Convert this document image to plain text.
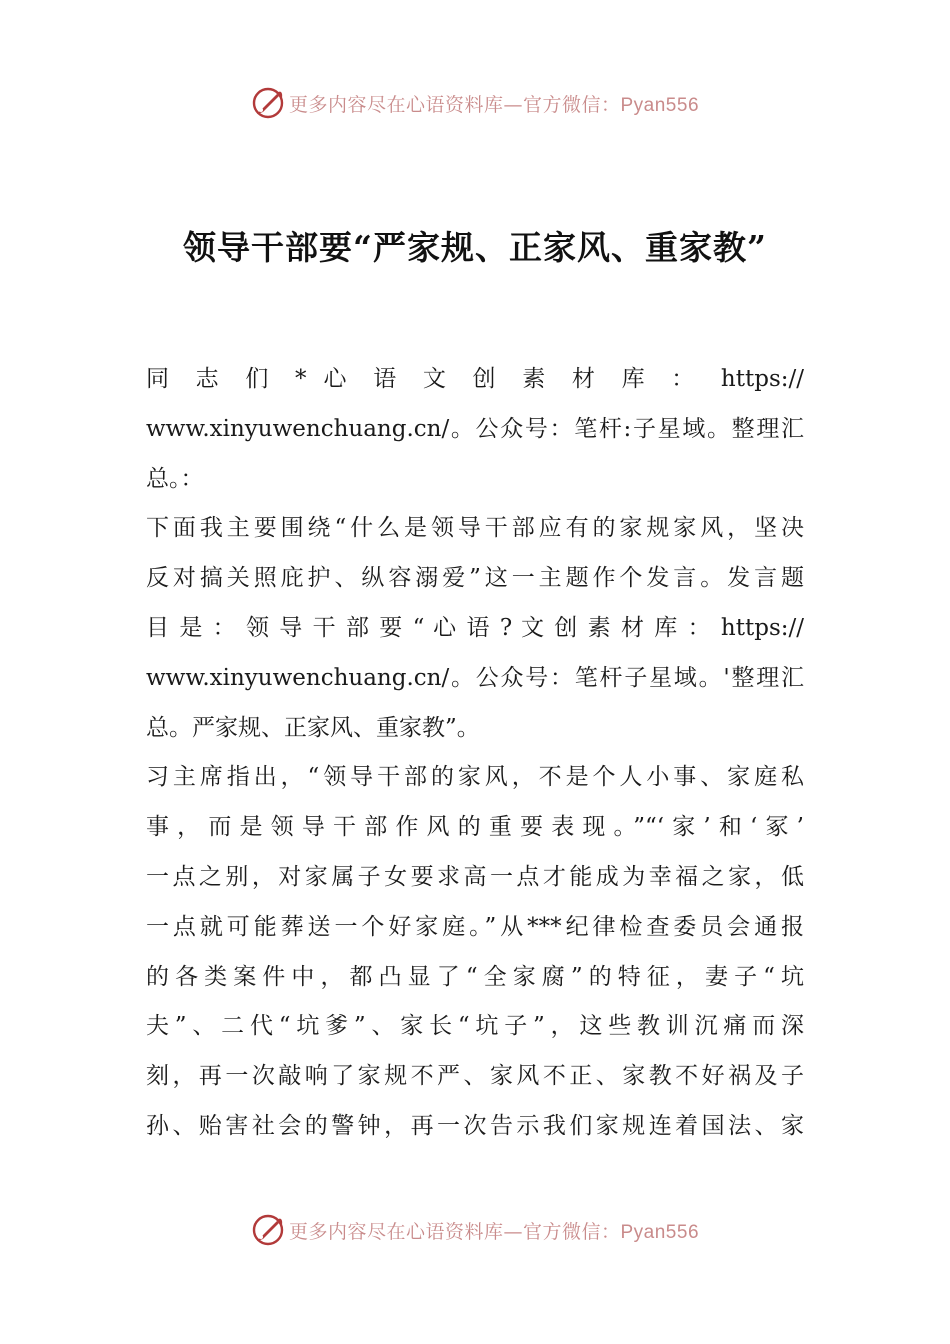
更多内容尽在心语资料库—官方微信：Pyan556
领导干部要“严家规、正家风、重家教”
同 志 们 * 心 语 文 创 素 材 库 ： https://
www.xinyuwenchuang.cn/。公众号：笔杆:子星域。整理汇
总。：
下面我主要围绕“什么是领导干部应有的家规家风，坚决
反对搞关照庇护、纵容溺爱”这一主题作个发言。发言题
目 是 ： 领 导 干 部 要 “ 心 语 ? 文 创 素 材 库 ： https://
www.xinyuwenchuang.cn/。公众号：笔杆子星域。'整理汇
总。严家规、正家风、重家教”。
习主席指出，“领导干部的家风，不是个人小事、家庭私
事，而是领导干部作风的重要表现。”“‘家’和‘冢’
一点之别，对家属子女要求高一点才能成为幸福之家，低
一点就可能葬送一个好家庭。”从***纪律检查委员会通报
的各类案件中，都凸显了“全家腐”的特征，妻子“坑
夫”、二代“坑爹”、家长“坑子”，这些教训沉痛而深
刻，再一次敲响了家规不严、家风不正、家教不好祸及子
孙、贻害社会的警钟，再一次告示我们家规连着国法、家
更多内容尽在心语资料库—官方微信：Pyan556
